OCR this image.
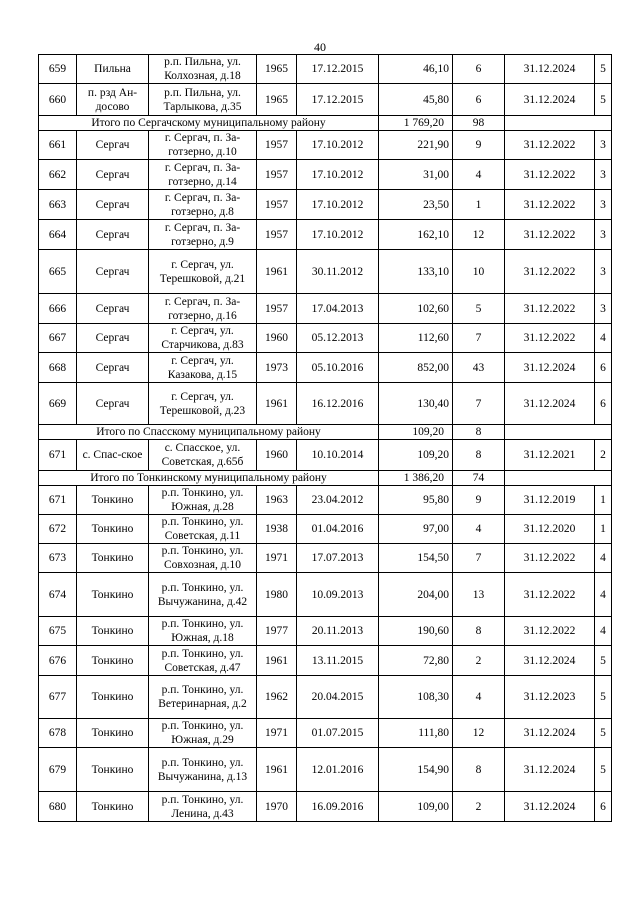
40
659	Пильна	р.п. Пильна, ул. Колхозная, д.18	1965	17.12.2015	46,10	6	31.12.2024	5
660	п. рзд Ан-досово	р.п. Пильна, ул. Тарлыкова, д.35	1965	17.12.2015	45,80	6	31.12.2024	5
Итого по Сергачскому муниципальному району					1 769,20	98		
661	Сергач	г. Сергач, п. За-готзерно, д.10	1957	17.10.2012	221,90	9	31.12.2022	3
662	Сергач	г. Сергач, п. За-готзерно, д.14	1957	17.10.2012	31,00	4	31.12.2022	3
663	Сергач	г. Сергач, п. За-готзерно, д.8	1957	17.10.2012	23,50	1	31.12.2022	3
664	Сергач	г. Сергач, п. За-готзерно, д.9	1957	17.10.2012	162,10	12	31.12.2022	3
665	Сергач	г. Сергач, ул. Терешковой, д.21	1961	30.11.2012	133,10	10	31.12.2022	3
666	Сергач	г. Сергач, п. За-готзерно, д.16	1957	17.04.2013	102,60	5	31.12.2022	3
667	Сергач	г. Сергач, ул. Старчикова, д.83	1960	05.12.2013	112,60	7	31.12.2022	4
668	Сергач	г. Сергач, ул. Казакова, д.15	1973	05.10.2016	852,00	43	31.12.2024	6
669	Сергач	г. Сергач, ул. Терешковой, д.23	1961	16.12.2016	130,40	7	31.12.2024	6
Итого по Спасскому муниципальному району					109,20	8		
671	с. Спас-ское	с. Спасское, ул. Советская, д.65б	1960	10.10.2014	109,20	8	31.12.2021	2
Итого по Тонкинскому муниципальному району					1 386,20	74		
671	Тонкино	р.п. Тонкино, ул. Южная, д.28	1963	23.04.2012	95,80	9	31.12.2019	1
672	Тонкино	р.п. Тонкино, ул. Советская, д.11	1938	01.04.2016	97,00	4	31.12.2020	1
673	Тонкино	р.п. Тонкино, ул. Совхозная, д.10	1971	17.07.2013	154,50	7	31.12.2022	4
674	Тонкино	р.п. Тонкино, ул. Вычужанина, д.42	1980	10.09.2013	204,00	13	31.12.2022	4
675	Тонкино	р.п. Тонкино, ул. Южная, д.18	1977	20.11.2013	190,60	8	31.12.2022	4
676	Тонкино	р.п. Тонкино, ул. Советская, д.47	1961	13.11.2015	72,80	2	31.12.2024	5
677	Тонкино	р.п. Тонкино, ул. Ветеринарная, д.2	1962	20.04.2015	108,30	4	31.12.2023	5
678	Тонкино	р.п. Тонкино, ул. Южная, д.29	1971	01.07.2015	111,80	12	31.12.2024	5
679	Тонкино	р.п. Тонкино, ул. Вычужанина, д.13	1961	12.01.2016	154,90	8	31.12.2024	5
680	Тонкино	р.п. Тонкино, ул. Ленина, д.43	1970	16.09.2016	109,00	2	31.12.2024	6
